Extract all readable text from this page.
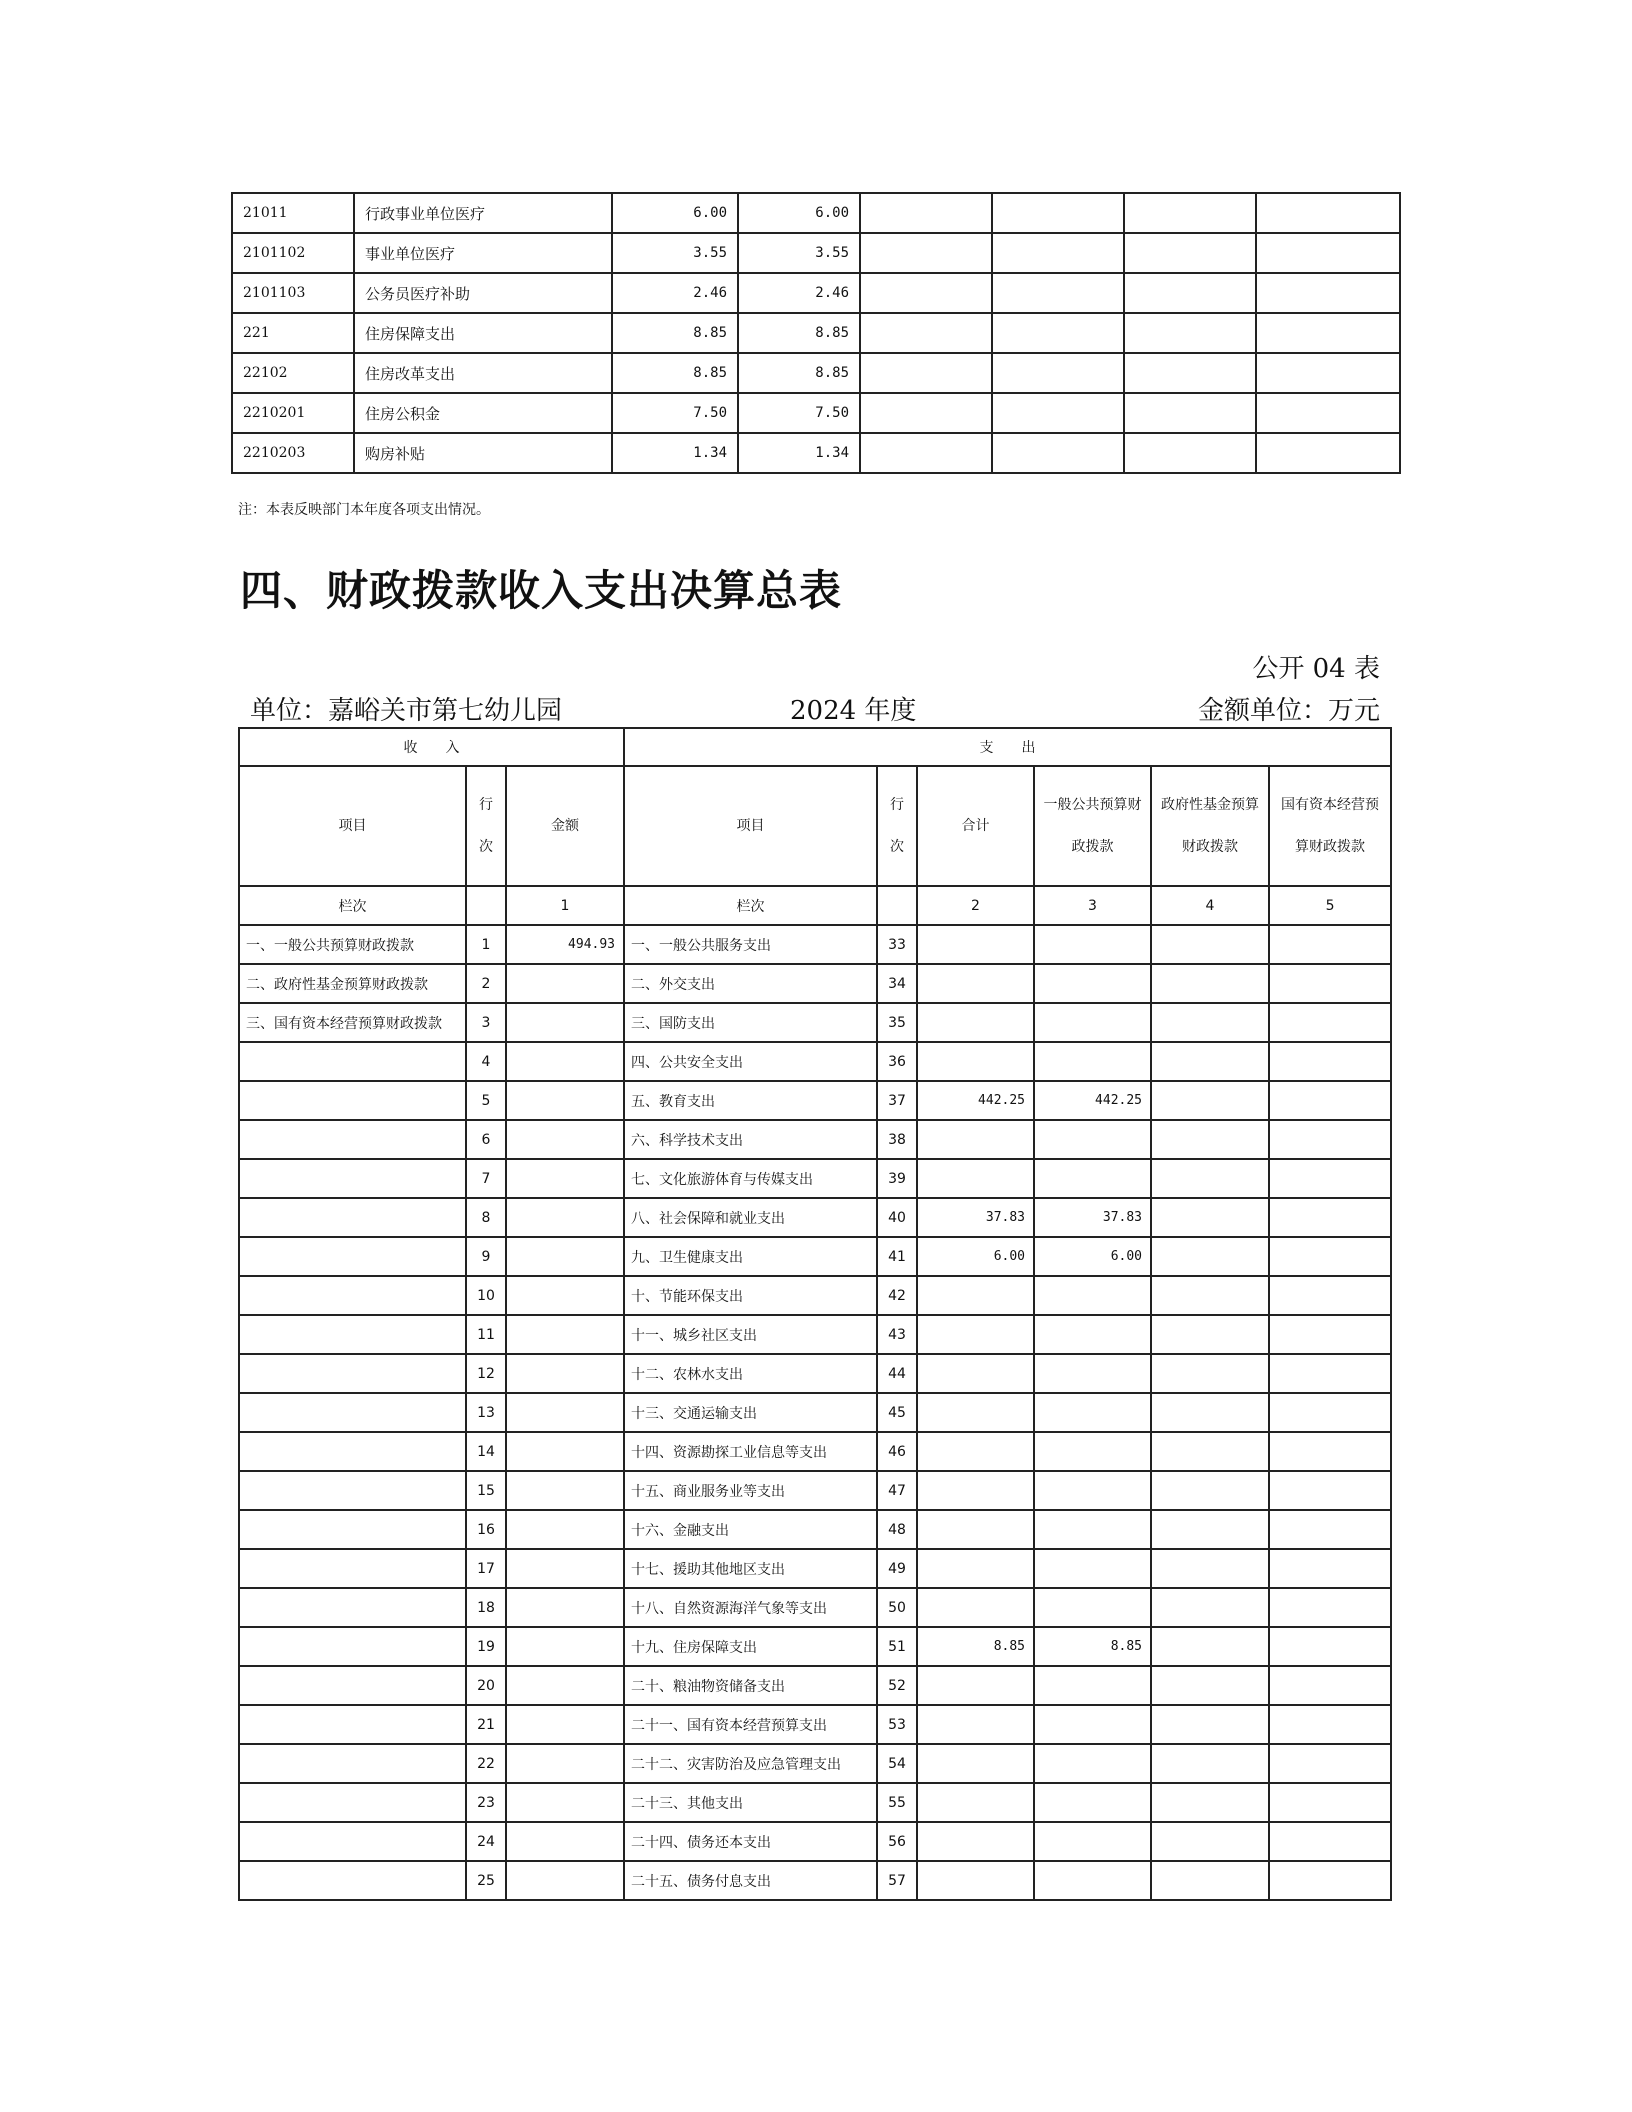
21011	行政事业单位医疗	6.00	6.00				
2101102	事业单位医疗	3.55	3.55				
2101103	公务员医疗补助	2.46	2.46				
221	住房保障支出	8.85	8.85				
22102	住房改革支出	8.85	8.85				
2210201	住房公积金	7.50	7.50				
2210203	购房补贴	1.34	1.34				
注：本表反映部门本年度各项支出情况。
四、财政拨款收入支出决算总表
公开 04 表
单位：嘉峪关市第七幼儿园	2024 年度	金额单位：万元
收　　入			支　　出					
项目	行次	金额	项目	行次	合计	一般公共预算财政拨款	政府性基金预算财政拨款	国有资本经营预算财政拨款
栏次		1	栏次		2	3	4	5
一、一般公共预算财政拨款	1	494.93	一、一般公共服务支出	33				
二、政府性基金预算财政拨款	2		二、外交支出	34				
三、国有资本经营预算财政拨款	3		三、国防支出	35				
	4		四、公共安全支出	36				
	5		五、教育支出	37	442.25	442.25		
	6		六、科学技术支出	38				
	7		七、文化旅游体育与传媒支出	39				
	8		八、社会保障和就业支出	40	37.83	37.83		
	9		九、卫生健康支出	41	6.00	6.00		
	10		十、节能环保支出	42				
	11		十一、城乡社区支出	43				
	12		十二、农林水支出	44				
	13		十三、交通运输支出	45				
	14		十四、资源勘探工业信息等支出	46				
	15		十五、商业服务业等支出	47				
	16		十六、金融支出	48				
	17		十七、援助其他地区支出	49				
	18		十八、自然资源海洋气象等支出	50				
	19		十九、住房保障支出	51	8.85	8.85		
	20		二十、粮油物资储备支出	52				
	21		二十一、国有资本经营预算支出	53				
	22		二十二、灾害防治及应急管理支出	54				
	23		二十三、其他支出	55				
	24		二十四、债务还本支出	56				
	25		二十五、债务付息支出	57				
